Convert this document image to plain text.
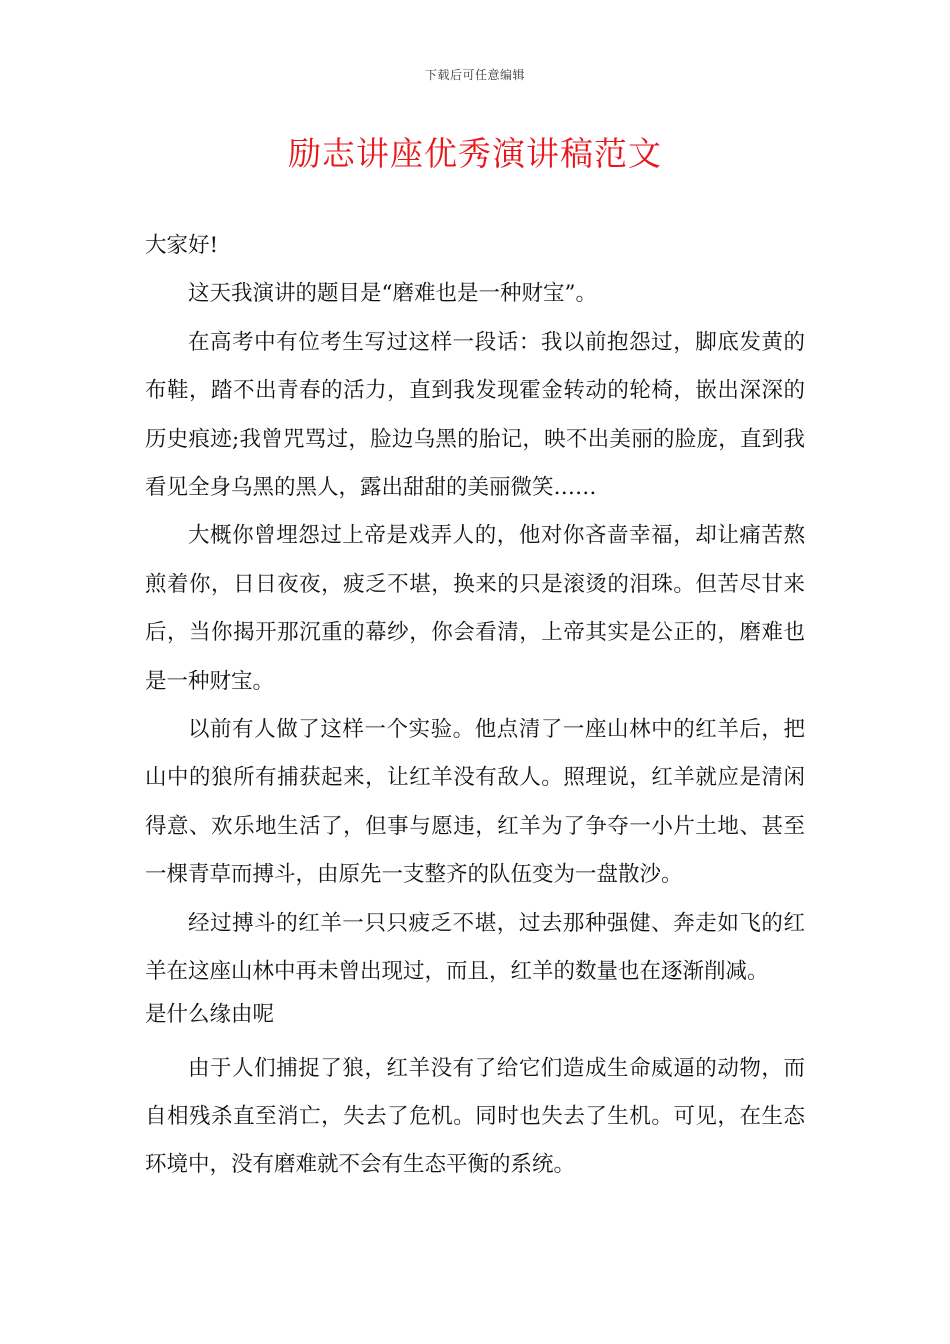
下载后可任意编辑
励志讲座优秀演讲稿范文

大家好!

这天我演讲的题目是“磨难也是一种财宝”。

在高考中有位考生写过这样一段话：我以前抱怨过，脚底发黄的布鞋，踏不出青春的活力，直到我发现霍金转动的轮椅，嵌出深深的历史痕迹;我曾咒骂过，脸边乌黑的胎记，映不出美丽的脸庞，直到我看见全身乌黑的黑人，露出甜甜的美丽微笑……

大概你曾埋怨过上帝是戏弄人的，他对你吝啬幸福，却让痛苦熬煎着你，日日夜夜，疲乏不堪，换来的只是滚烫的泪珠。但苦尽甘来后，当你揭开那沉重的幕纱，你会看清，上帝其实是公正的，磨难也是一种财宝。

以前有人做了这样一个实验。他点清了一座山林中的红羊后，把山中的狼所有捕获起来，让红羊没有敌人。照理说，红羊就应是清闲得意、欢乐地生活了，但事与愿违，红羊为了争夺一小片土地、甚至一棵青草而搏斗，由原先一支整齐的队伍变为一盘散沙。

经过搏斗的红羊一只只疲乏不堪，过去那种强健、奔走如飞的红羊在这座山林中再未曾出现过，而且，红羊的数量也在逐渐削减。

是什么缘由呢

由于人们捕捉了狼，红羊没有了给它们造成生命威逼的动物，而自相残杀直至消亡，失去了危机。同时也失去了生机。可见，在生态环境中，没有磨难就不会有生态平衡的系统。
